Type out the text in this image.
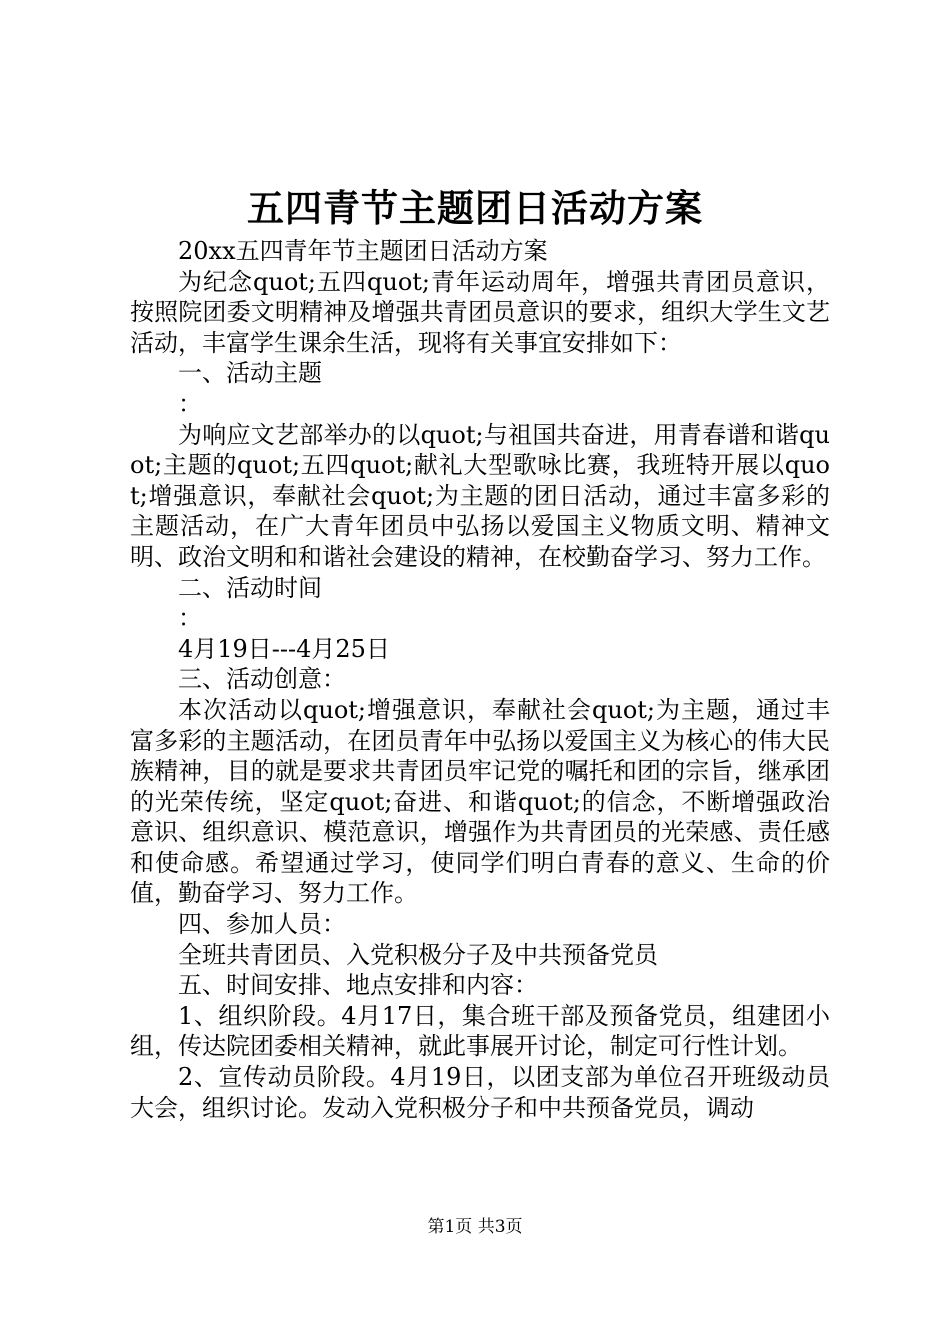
五四青节主题团日活动方案

20xx五四青年节主题团日活动方案

为纪念quot;五四quot;青年运动周年，增强共青团员意识，按照院团委文明精神及增强共青团员意识的要求，组织大学生文艺活动，丰富学生课余生活，现将有关事宜安排如下：

一、活动主题

：

为响应文艺部举办的以quot;与祖国共奋进，用青春谱和谐quot;主题的quot;五四quot;献礼大型歌咏比赛，我班特开展以quot;增强意识，奉献社会quot;为主题的团日活动，通过丰富多彩的主题活动，在广大青年团员中弘扬以爱国主义物质文明、精神文明、政治文明和和谐社会建设的精神，在校勤奋学习、努力工作。

二、活动时间

：

4月19日---4月25日

三、活动创意：

本次活动以quot;增强意识，奉献社会quot;为主题，通过丰富多彩的主题活动，在团员青年中弘扬以爱国主义为核心的伟大民族精神，目的就是要求共青团员牢记党的嘱托和团的宗旨，继承团的光荣传统，坚定quot;奋进、和谐quot;的信念，不断增强政治意识、组织意识、模范意识，增强作为共青团员的光荣感、责任感和使命感。希望通过学习，使同学们明白青春的意义、生命的价值，勤奋学习、努力工作。

四、参加人员：

全班共青团员、入党积极分子及中共预备党员

五、时间安排、地点安排和内容：

1、组织阶段。4月17日，集合班干部及预备党员，组建团小组，传达院团委相关精神，就此事展开讨论，制定可行性计划。

2、宣传动员阶段。4月19日，以团支部为单位召开班级动员大会，组织讨论。发动入党积极分子和中共预备党员，调动

第1页 共3页
